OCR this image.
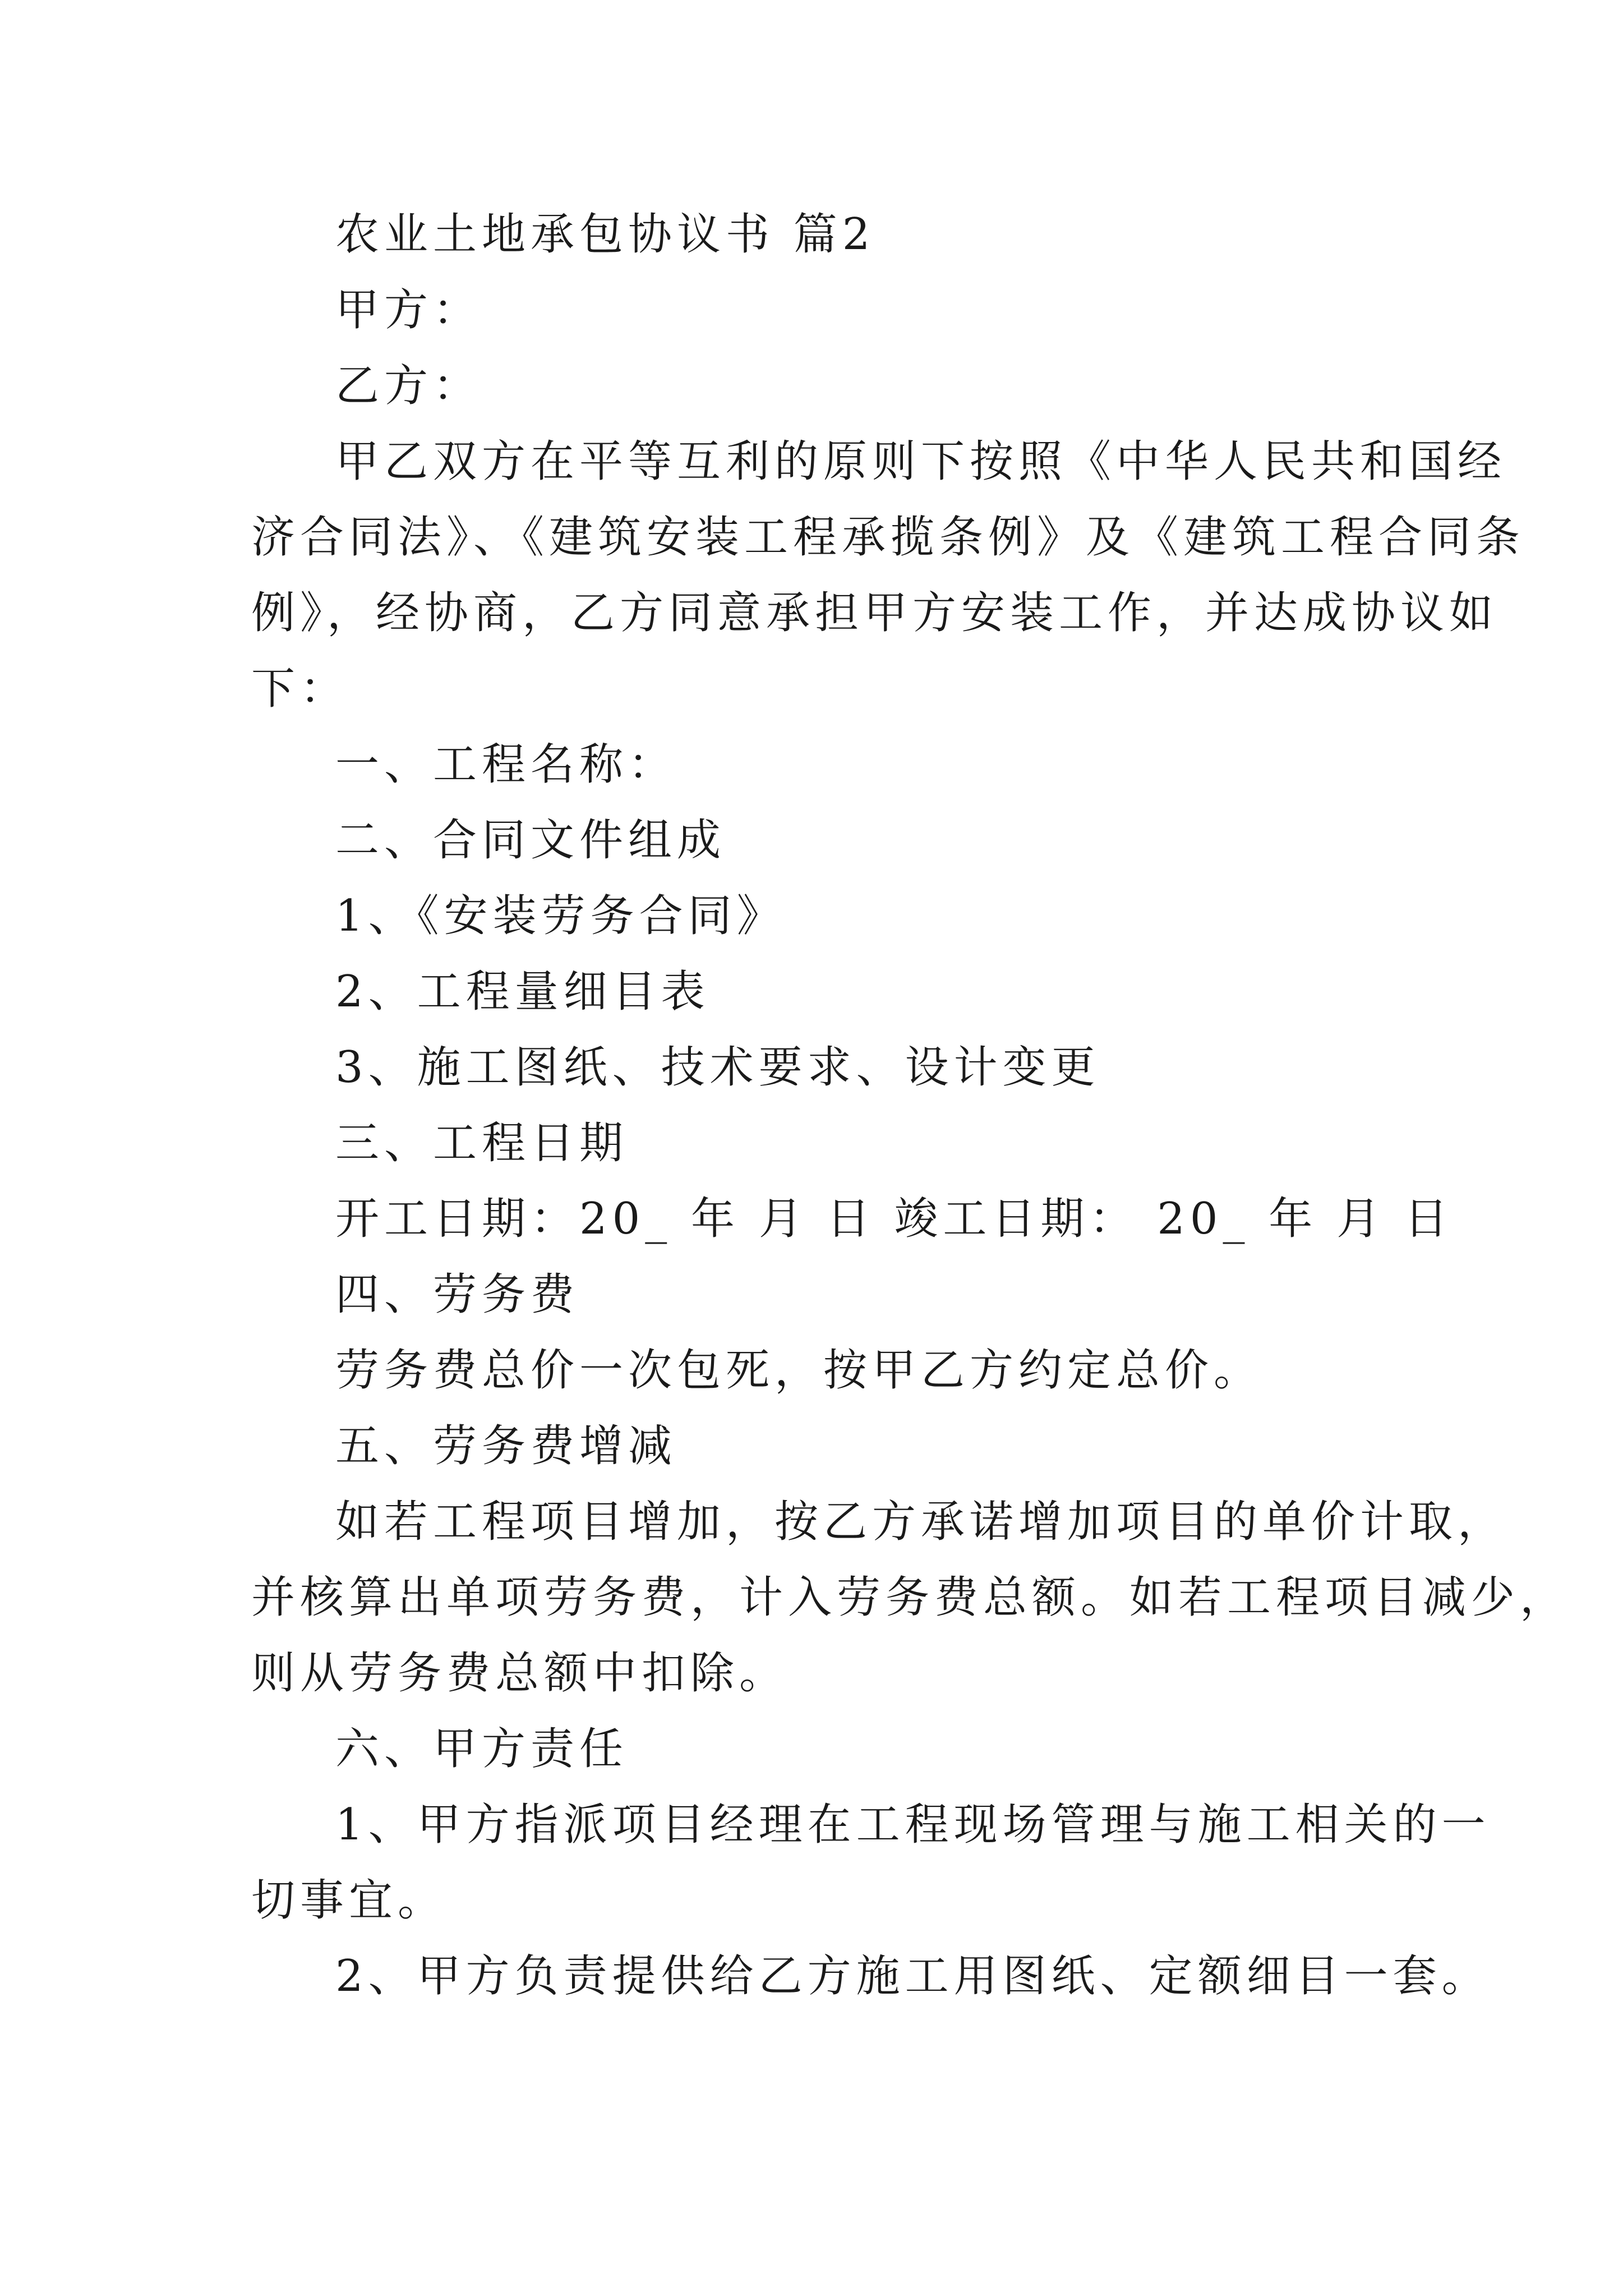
农业土地承包协议书 篇2
甲方：
乙方：
甲乙双方在平等互利的原则下按照《中华人民共和国经
济合同法》、《建筑安装工程承揽条例》及《建筑工程合同条
例》，经协商，乙方同意承担甲方安装工作，并达成协议如
下：
一、工程名称：
二、合同文件组成
1、《安装劳务合同》
2、工程量细目表
3、施工图纸、技术要求、设计变更
三、工程日期
开工日期：20_ 年 月 日 竣工日期： 20_ 年 月 日
四、劳务费
劳务费总价一次包死，按甲乙方约定总价。
五、劳务费增减
如若工程项目增加，按乙方承诺增加项目的单价计取，
并核算出单项劳务费，计入劳务费总额。如若工程项目减少，
则从劳务费总额中扣除。
六、甲方责任
1、甲方指派项目经理在工程现场管理与施工相关的一
切事宜。
2、甲方负责提供给乙方施工用图纸、定额细目一套。
